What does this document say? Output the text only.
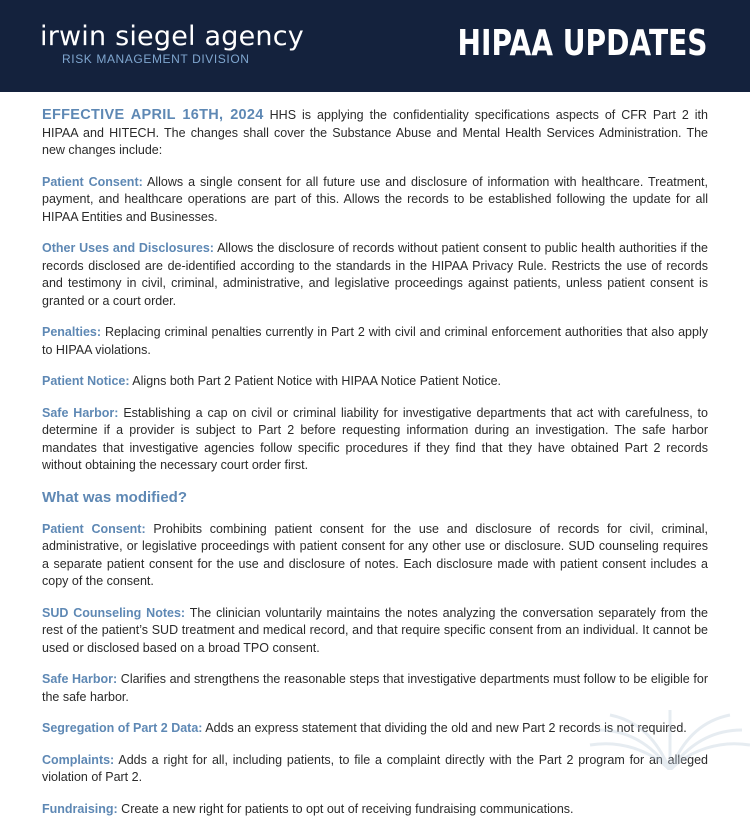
irwin siegel agency
RISK MANAGEMENT DIVISION	HIPAA UPDATES

EFFECTIVE APRIL 16TH, 2024 HHS is applying the confidentiality specifications aspects of CFR Part 2 ith HIPAA and HITECH. The changes shall cover the Substance Abuse and Mental Health Services Administration. The new changes include:

Patient Consent: Allows a single consent for all future use and disclosure of information with healthcare. Treatment, payment, and healthcare operations are part of this. Allows the records to be established following the update for all HIPAA Entities and Businesses.

Other Uses and Disclosures: Allows the disclosure of records without patient consent to public health authorities if the records disclosed are de-identified according to the standards in the HIPAA Privacy Rule. Restricts the use of records and testimony in civil, criminal, administrative, and legislative proceedings against patients, unless patient consent is granted or a court order.

Penalties: Replacing criminal penalties currently in Part 2 with civil and criminal enforcement authorities that also apply to HIPAA violations.

Patient Notice: Aligns both Part 2 Patient Notice with HIPAA Notice Patient Notice.

Safe Harbor: Establishing a cap on civil or criminal liability for investigative departments that act with carefulness, to determine if a provider is subject to Part 2 before requesting information during an investigation. The safe harbor mandates that investigative agencies follow specific procedures if they find that they have obtained Part 2 records without obtaining the necessary court order first.

What was modified?

Patient Consent: Prohibits combining patient consent for the use and disclosure of records for civil, criminal, administrative, or legislative proceedings with patient consent for any other use or disclosure. SUD counseling requires a separate patient consent for the use and disclosure of notes. Each disclosure made with patient consent includes a copy of the consent.

SUD Counseling Notes: The clinician voluntarily maintains the notes analyzing the conversation separately from the rest of the patient’s SUD treatment and medical record, and that require specific consent from an individual. It cannot be used or disclosed based on a broad TPO consent.

Safe Harbor: Clarifies and strengthens the reasonable steps that investigative departments must follow to be eligible for the safe harbor.

Segregation of Part 2 Data: Adds an express statement that dividing the old and new Part 2 records is not required.

Complaints: Adds a right for all, including patients, to file a complaint directly with the Part 2 program for an alleged violation of Part 2.

Fundraising: Create a new right for patients to opt out of receiving fundraising communications.
